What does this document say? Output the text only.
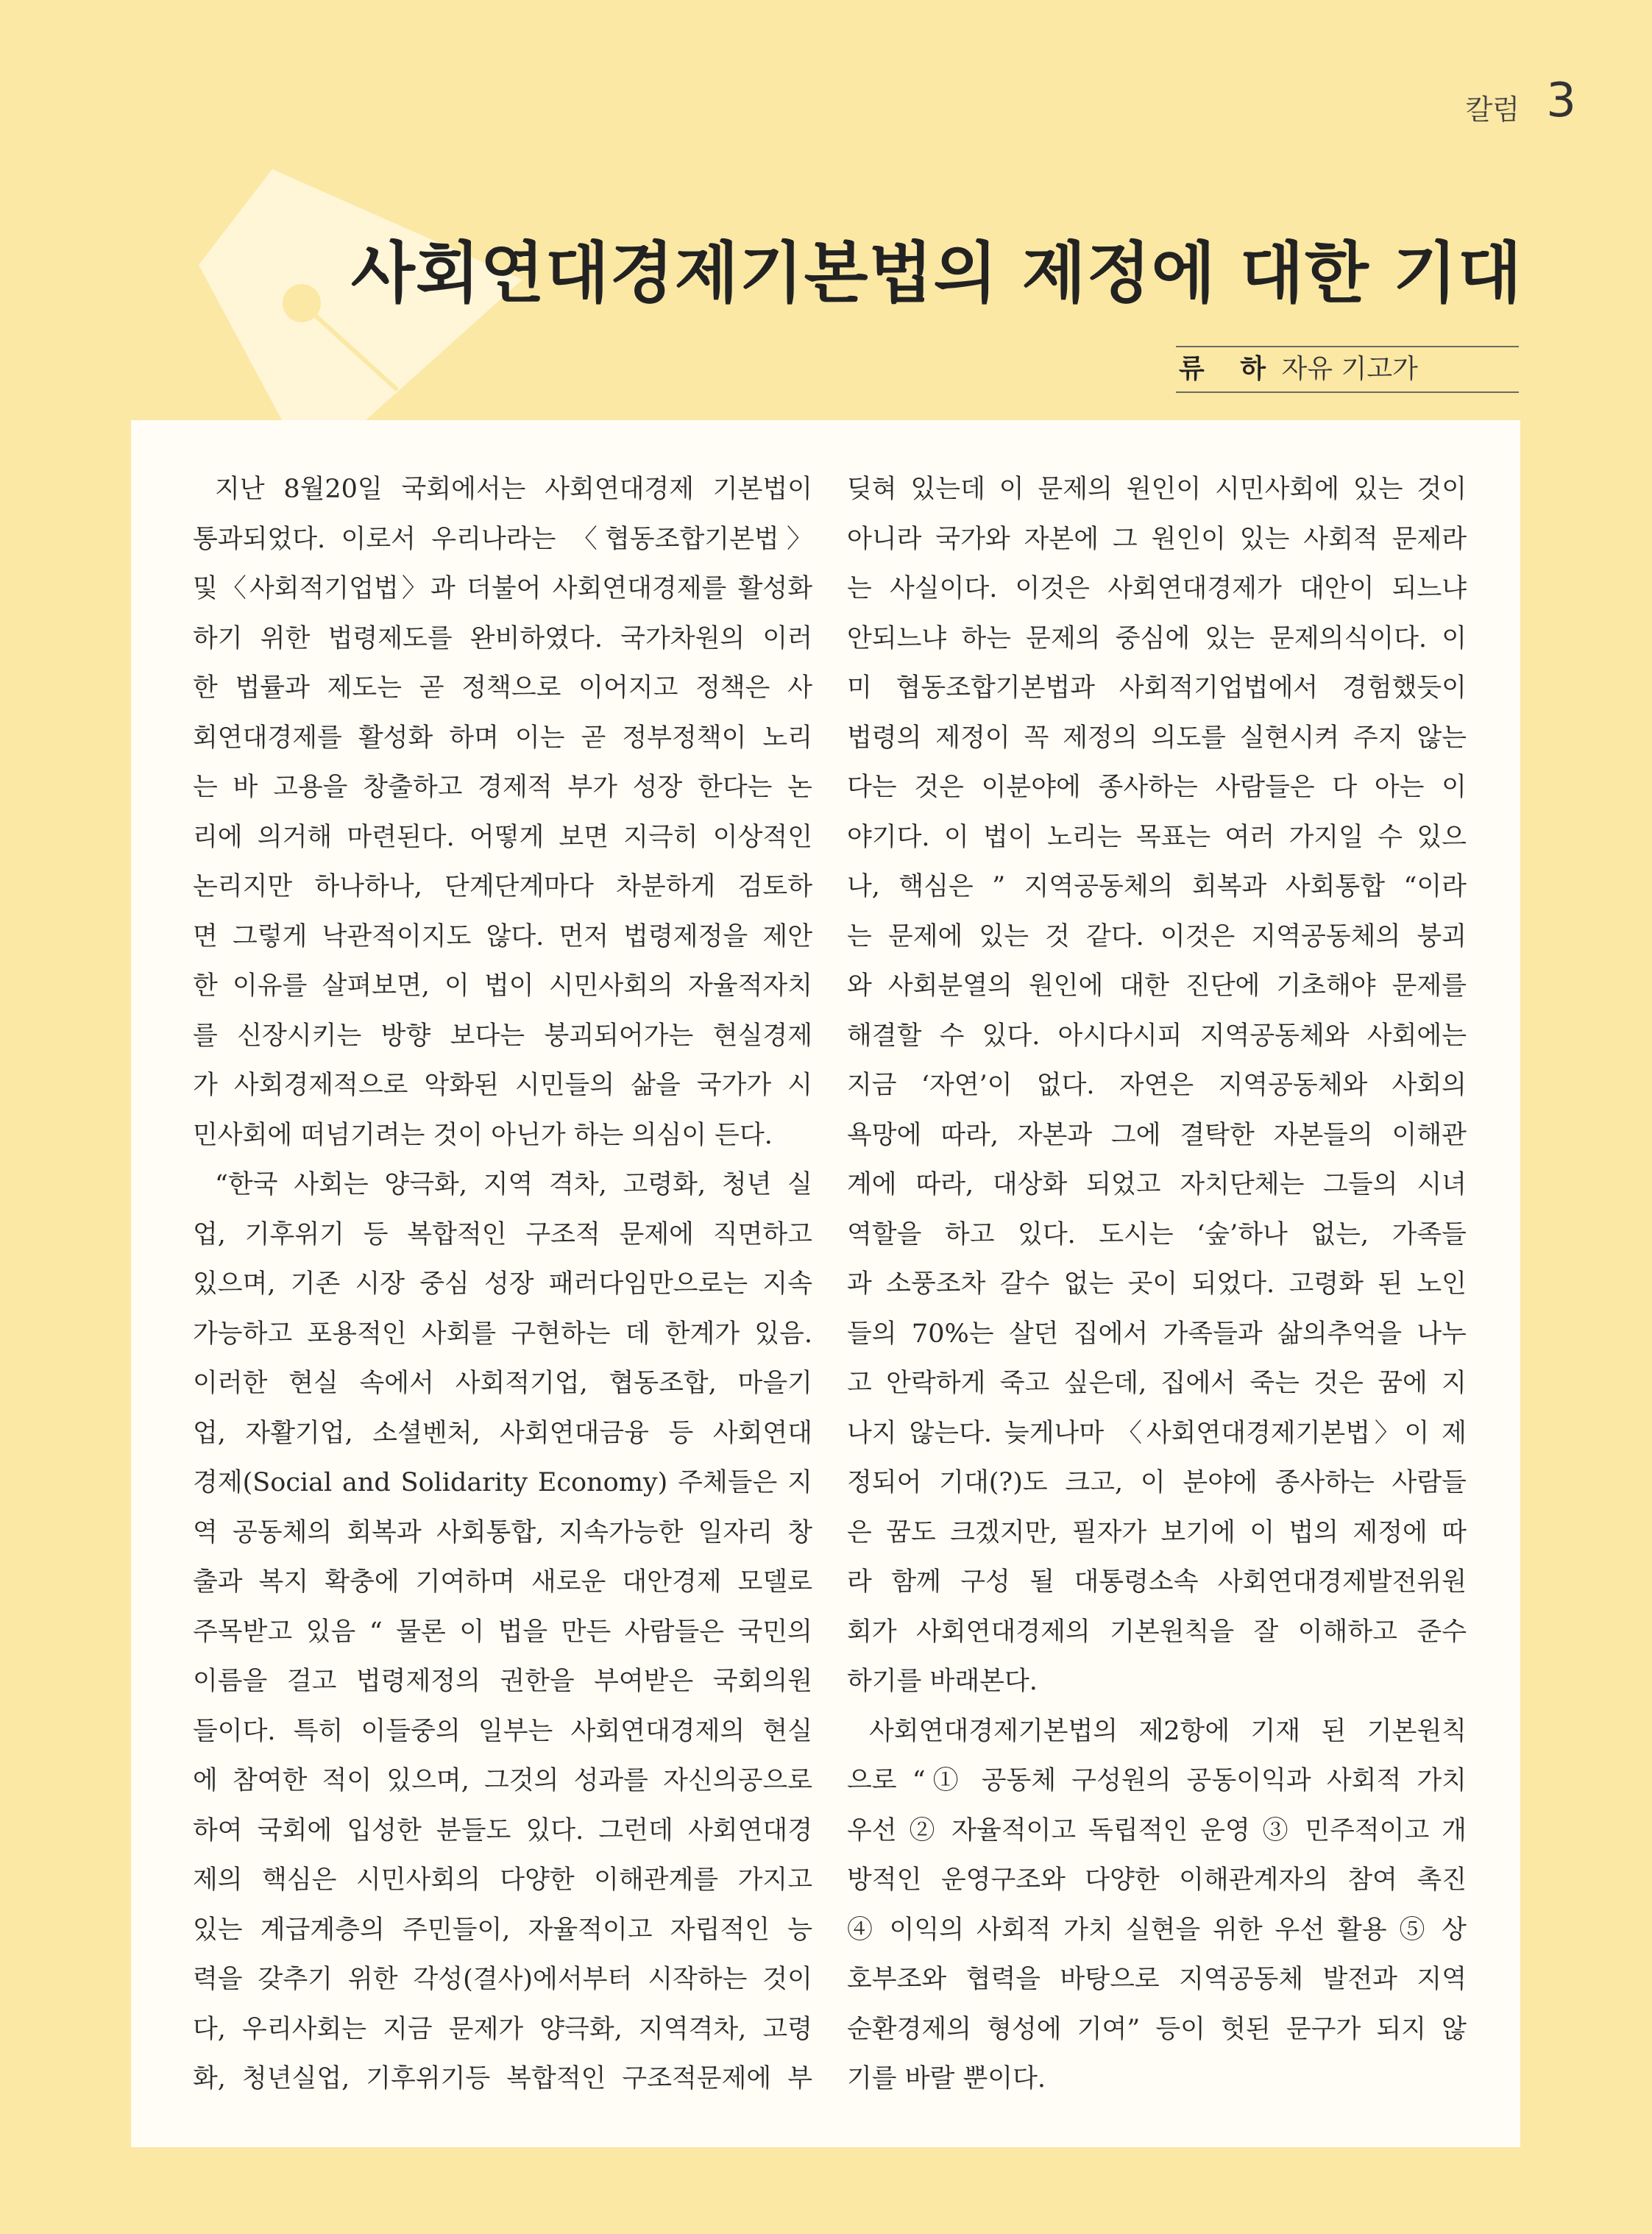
칼럼 3
사회연대경제기본법의 제정에 대한 기대
류 하 자유 기고가
지난 8월20일 국회에서는 사회연대경제 기본법이
통과되었다. 이로서 우리나라는 〈협동조합기본법〉
및〈사회적기업법〉과 더불어 사회연대경제를 활성화
하기 위한 법령제도를 완비하였다. 국가차원의 이러
한 법률과 제도는 곧 정책으로 이어지고 정책은 사
회연대경제를 활성화 하며 이는 곧 정부정책이 노리
는 바 고용을 창출하고 경제적 부가 성장 한다는 논
리에 의거해 마련된다. 어떻게 보면 지극히 이상적인
논리지만 하나하나, 단계단계마다 차분하게 검토하
면 그렇게 낙관적이지도 않다. 먼저 법령제정을 제안
한 이유를 살펴보면, 이 법이 시민사회의 자율적자치
를 신장시키는 방향 보다는 붕괴되어가는 현실경제
가 사회경제적으로 악화된 시민들의 삶을 국가가 시
민사회에 떠넘기려는 것이 아닌가 하는 의심이 든다.
“한국 사회는 양극화, 지역 격차, 고령화, 청년 실
업, 기후위기 등 복합적인 구조적 문제에 직면하고
있으며, 기존 시장 중심 성장 패러다임만으로는 지속
가능하고 포용적인 사회를 구현하는 데 한계가 있음.
이러한 현실 속에서 사회적기업, 협동조합, 마을기
업, 자활기업, 소셜벤처, 사회연대금융 등 사회연대
경제(Social and Solidarity Economy) 주체들은 지
역 공동체의 회복과 사회통합, 지속가능한 일자리 창
출과 복지 확충에 기여하며 새로운 대안경제 모델로
주목받고 있음 “ 물론 이 법을 만든 사람들은 국민의
이름을 걸고 법령제정의 권한을 부여받은 국회의원
들이다. 특히 이들중의 일부는 사회연대경제의 현실
에 참여한 적이 있으며, 그것의 성과를 자신의공으로
하여 국회에 입성한 분들도 있다. 그런데 사회연대경
제의 핵심은 시민사회의 다양한 이해관계를 가지고
있는 계급계층의 주민들이, 자율적이고 자립적인 능
력을 갖추기 위한 각성(결사)에서부터 시작하는 것이
다, 우리사회는 지금 문제가 양극화, 지역격차, 고령
화, 청년실업, 기후위기등 복합적인 구조적문제에 부
딪혀 있는데 이 문제의 원인이 시민사회에 있는 것이
아니라 국가와 자본에 그 원인이 있는 사회적 문제라
는 사실이다. 이것은 사회연대경제가 대안이 되느냐
안되느냐 하는 문제의 중심에 있는 문제의식이다. 이
미 협동조합기본법과 사회적기업법에서 경험했듯이
법령의 제정이 꼭 제정의 의도를 실현시켜 주지 않는
다는 것은 이분야에 종사하는 사람들은 다 아는 이
야기다. 이 법이 노리는 목표는 여러 가지일 수 있으
나, 핵심은 ” 지역공동체의 회복과 사회통합 “이라
는 문제에 있는 것 같다. 이것은 지역공동체의 붕괴
와 사회분열의 원인에 대한 진단에 기초해야 문제를
해결할 수 있다. 아시다시피 지역공동체와 사회에는
지금 ‘자연’이 없다. 자연은 지역공동체와 사회의
욕망에 따라, 자본과 그에 결탁한 자본들의 이해관
계에 따라, 대상화 되었고 자치단체는 그들의 시녀
역할을 하고 있다. 도시는 ‘숲’하나 없는, 가족들
과 소풍조차 갈수 없는 곳이 되었다. 고령화 된 노인
들의 70%는 살던 집에서 가족들과 삶의추억을 나누
고 안락하게 죽고 싶은데, 집에서 죽는 것은 꿈에 지
나지 않는다. 늦게나마 〈사회연대경제기본법〉이 제
정되어 기대(?)도 크고, 이 분야에 종사하는 사람들
은 꿈도 크겠지만, 필자가 보기에 이 법의 제정에 따
라 함께 구성 될 대통령소속 사회연대경제발전위원
회가 사회연대경제의 기본원칙을 잘 이해하고 준수
하기를 바래본다.
사회연대경제기본법의 제2항에 기재 된 기본원칙
으로 “① 공동체 구성원의 공동이익과 사회적 가치
우선 ② 자율적이고 독립적인 운영 ③ 민주적이고 개
방적인 운영구조와 다양한 이해관계자의 참여 촉진
④ 이익의 사회적 가치 실현을 위한 우선 활용 ⑤ 상
호부조와 협력을 바탕으로 지역공동체 발전과 지역
순환경제의 형성에 기여” 등이 헛된 문구가 되지 않
기를 바랄 뿐이다.
